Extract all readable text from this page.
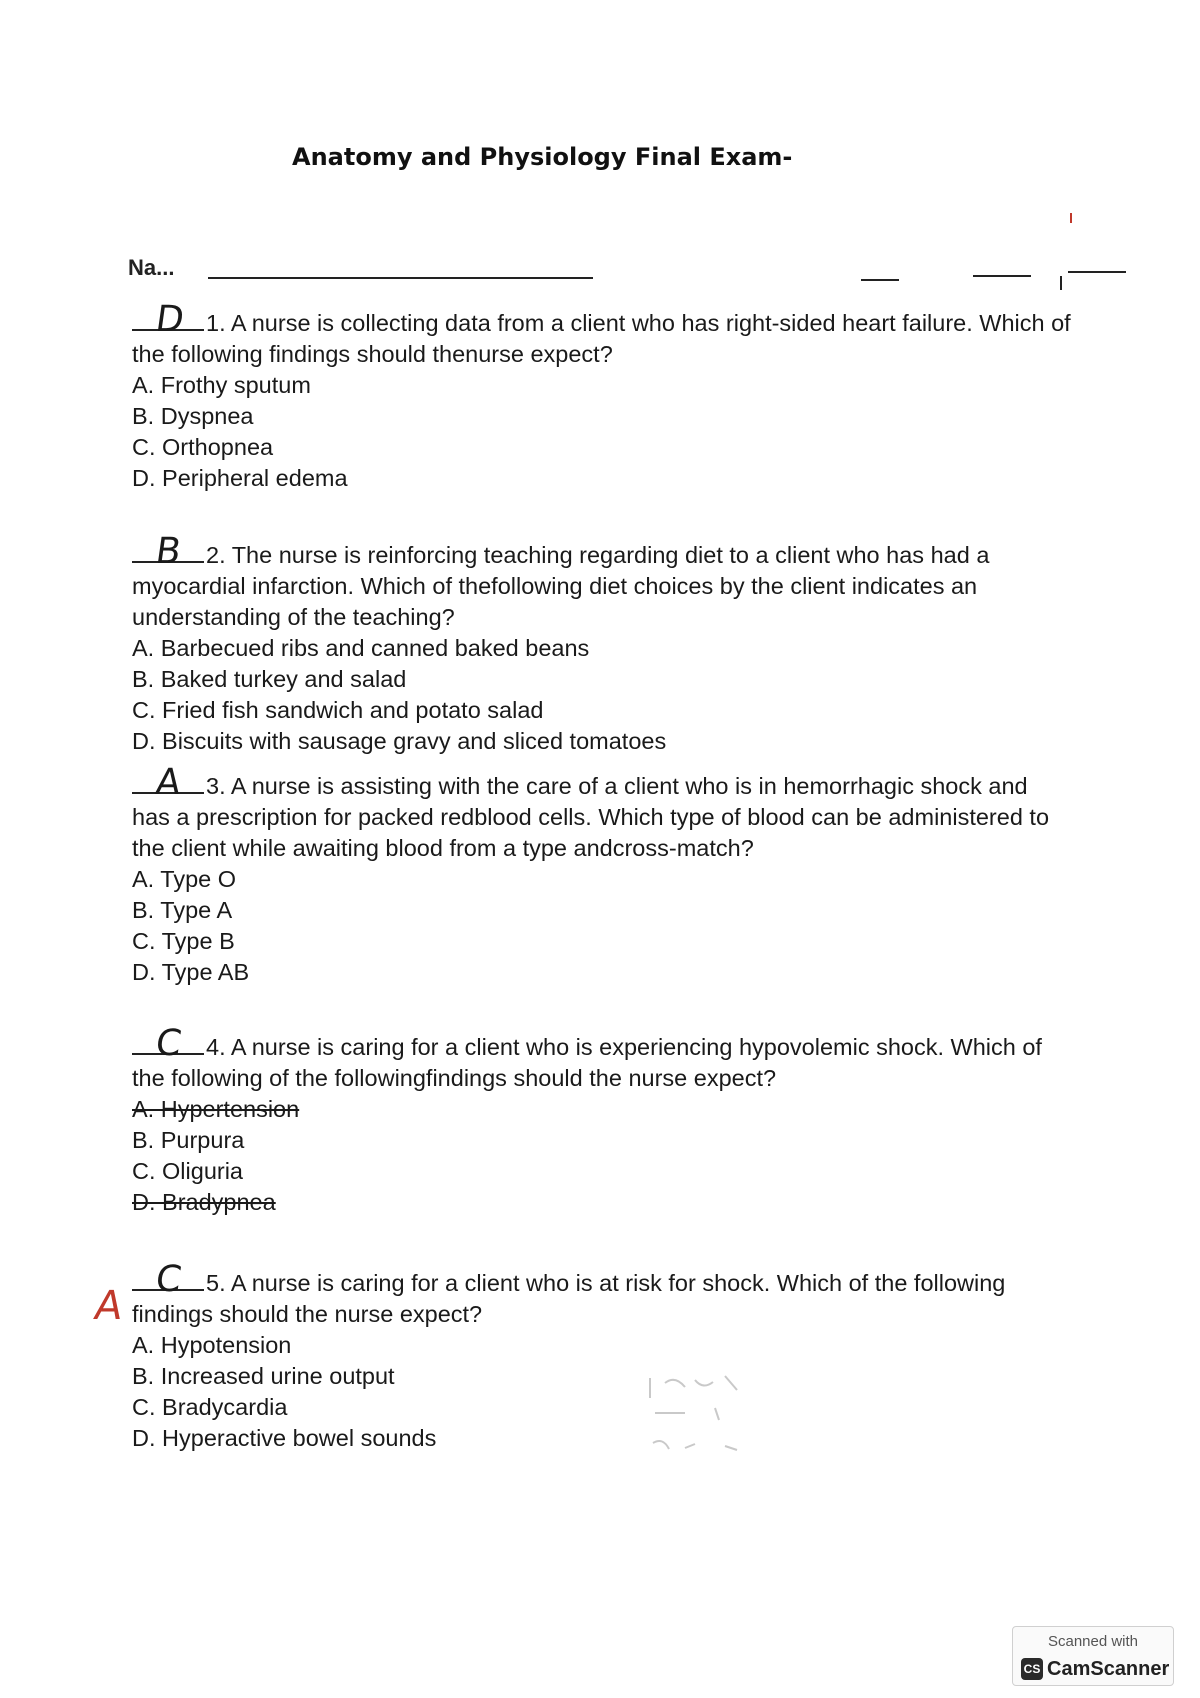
Anatomy and Physiology Final Exam-
Na...

D 1. A nurse is collecting data from a client who has right-sided heart failure. Which of the following findings should thenurse expect?

A. Frothy sputum
B. Dyspnea
C. Orthopnea
D. Peripheral edema

B 2. The nurse is reinforcing teaching regarding diet to a client who has had a myocardial infarction. Which of thefollowing diet choices by the client indicates an understanding of the teaching?

A. Barbecued ribs and canned baked beans
B. Baked turkey and salad
C. Fried fish sandwich and potato salad
D. Biscuits with sausage gravy and sliced tomatoes

A 3. A nurse is assisting with the care of a client who is in hemorrhagic shock and has a prescription for packed redblood cells. Which type of blood can be administered to the client while awaiting blood from a type andcross-match?

A. Type O
B. Type A
C. Type B
D. Type AB

C 4. A nurse is caring for a client who is experiencing hypovolemic shock. Which of the following of the followingfindings should the nurse expect?

A. Hypertension
B. Purpura
C. Oliguria
D. Bradypnea

C 5. A nurse is caring for a client who is at risk for shock. Which of the following findings should the nurse expect?

A. Hypotension
B. Increased urine output
C. Bradycardia
D. Hyperactive bowel sounds
A
Scanned with
CS CamScanner
